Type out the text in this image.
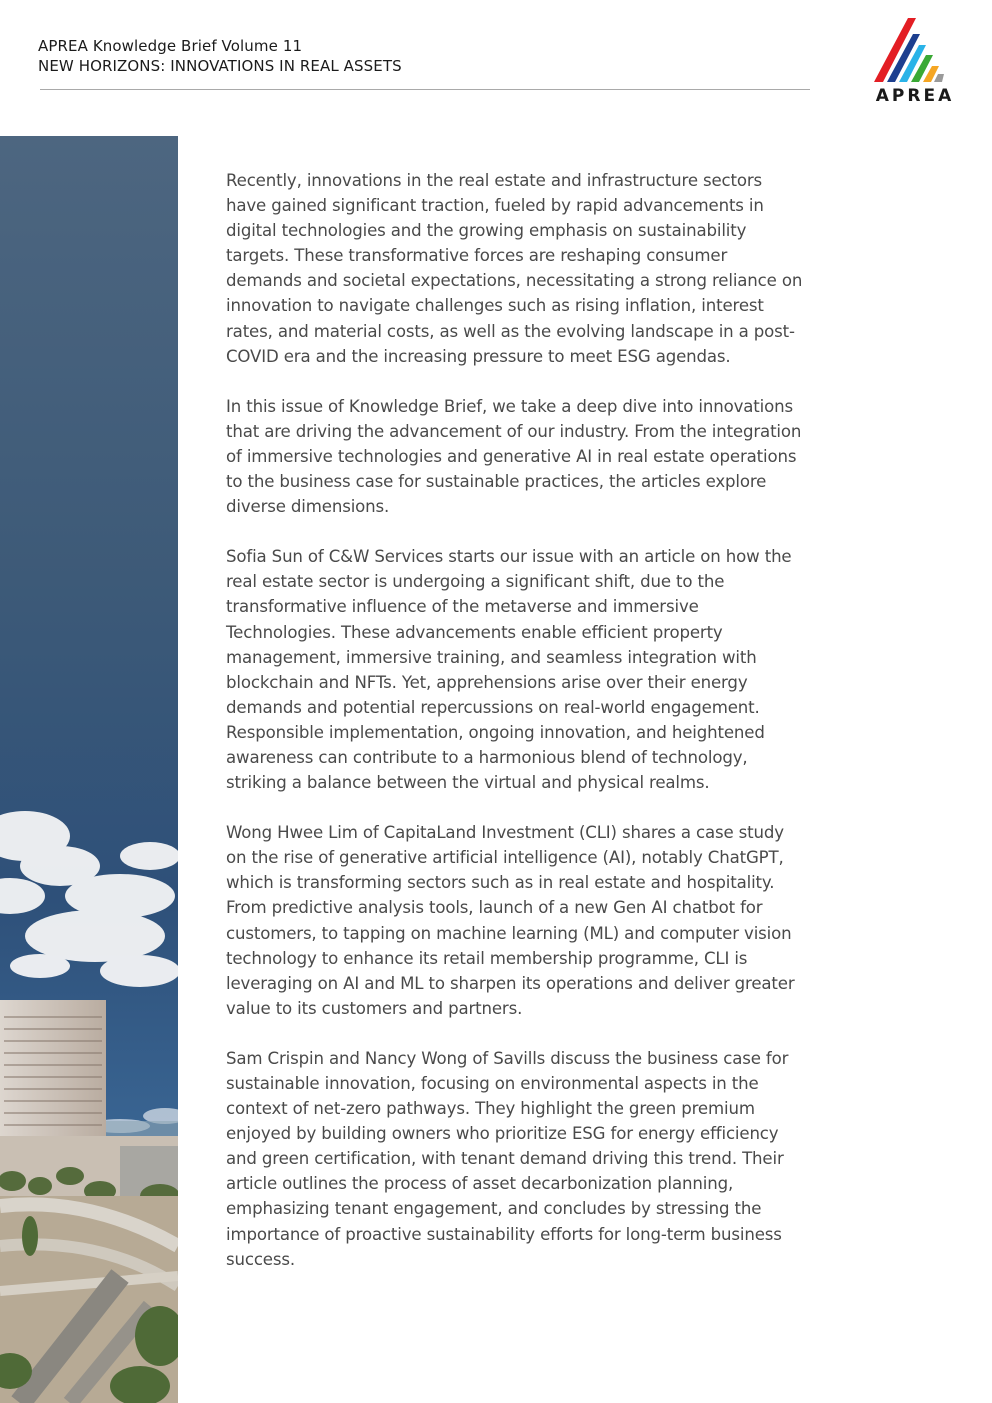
APREA Knowledge Brief Volume 11
NEW HORIZONS: INNOVATIONS IN REAL ASSETS
APREA

Recently, innovations in the real estate and infrastructure sectors have gained significant traction, fueled by rapid advancements in digital technologies and the growing emphasis on sustainability targets. These transformative forces are reshaping consumer demands and societal expectations, necessitating a strong reliance on innovation to navigate challenges such as rising inflation, interest rates, and material costs, as well as the evolving landscape in a post-COVID era and the increasing pressure to meet ESG agendas.

In this issue of Knowledge Brief, we take a deep dive into innovations that are driving the advancement of our industry. From the integration of immersive technologies and generative AI in real estate operations to the business case for sustainable practices, the articles explore diverse dimensions.

Sofia Sun of C&W Services starts our issue with an article on how the real estate sector is undergoing a significant shift, due to the transformative influence of the metaverse and immersive Technologies. These advancements enable efficient property management, immersive training, and seamless integration with blockchain and NFTs. Yet, apprehensions arise over their energy demands and potential repercussions on real-world engagement. Responsible implementation, ongoing innovation, and heightened awareness can contribute to a harmonious blend of technology, striking a balance between the virtual and physical realms.

Wong Hwee Lim of CapitaLand Investment (CLI) shares a case study on the rise of generative artificial intelligence (AI), notably ChatGPT, which is transforming sectors such as in real estate and hospitality. From predictive analysis tools, launch of a new Gen AI chatbot for customers, to tapping on machine learning (ML) and computer vision technology to enhance its retail membership programme, CLI is leveraging on AI and ML to sharpen its operations and deliver greater value to its customers and partners.

Sam Crispin and Nancy Wong of Savills discuss the business case for sustainable innovation, focusing on environmental aspects in the context of net-zero pathways. They highlight the green premium enjoyed by building owners who prioritize ESG for energy efficiency and green certification, with tenant demand driving this trend. Their article outlines the process of asset decarbonization planning, emphasizing tenant engagement, and concludes by stressing the importance of proactive sustainability efforts for long-term business success.
